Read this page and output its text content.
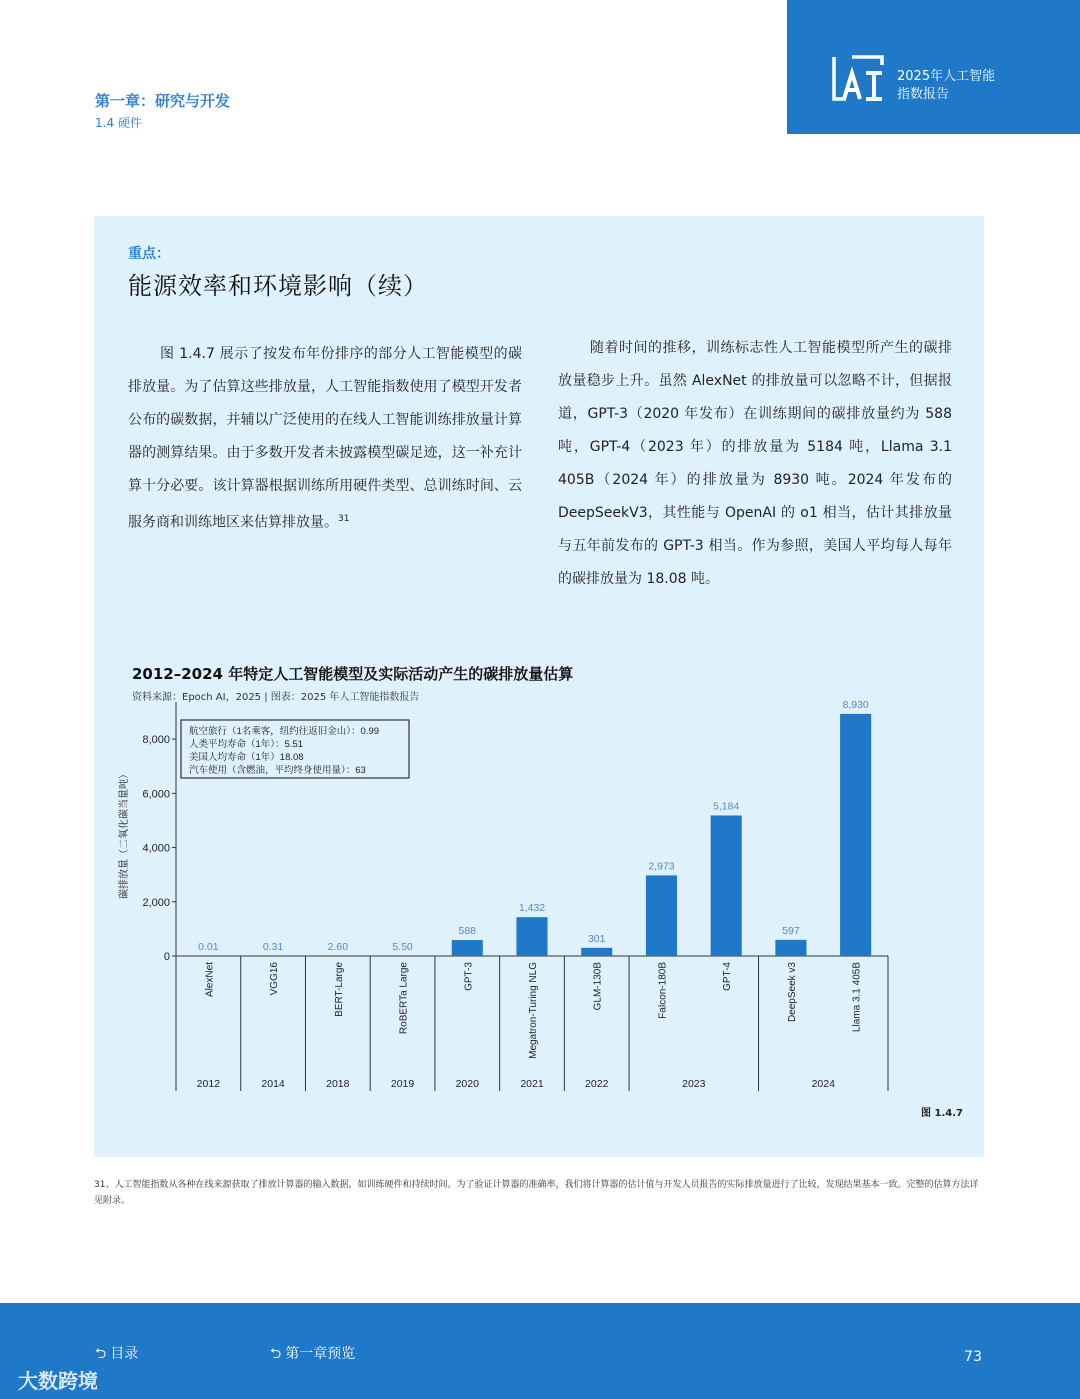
第一章：研究与开发
1.4 硬件
2025年人工智能
指数报告
重点：
能源效率和环境影响（续）
图 1.4.7 展示了按发布年份排序的部分人工智能模型的碳排放量。为了估算这些排放量，人工智能指数使用了模型开发者公布的碳数据，并辅以广泛使用的在线人工智能训练排放量计算器的测算结果。由于多数开发者未披露模型碳足迹，这一补充计算十分必要。该计算器根据训练所用硬件类型、总训练时间、云服务商和训练地区来估算排放量。$^{31}$
随着时间的推移，训练标志性人工智能模型所产生的碳排放量稳步上升。虽然 AlexNet 的排放量可以忽略不计，但据报道，GPT-3（2020 年发布）在训练期间的碳排放量约为 588 吨，GPT-4（2023 年）的排放量为 5184 吨，Llama 3.1 405B（2024 年）的排放量为 8930 吨。2024 年发布的 DeepSeekV3，其性能与 OpenAI 的 o1 相当，估计其排放量与五年前发布的 GPT-3 相当。作为参照，美国人平均每人每年的碳排放量为 18.08 吨。
2012–2024 年特定人工智能模型及实际活动产生的碳排放量估算
资料来源：Epoch AI，2025 | 图表：2025 年人工智能指数报告
图 1.4.7
0
2,000
4,000
6,000
8,000
碳排放量（二氧化碳当量吨）
0.01
AlexNet
0.31
VGG16
2.60
BERT-Large
5.50
RoBERTa Large
588
GPT-3
1,432
Megatron-Turing NLG
301
GLM-130B
2,973
Falcon-180B
5,184
GPT-4
597
DeepSeek v3
8,930
Llama 3.1 405B
2012	2014	2018	2019	2020	2021	2022	2023	2024
航空旅行（1名乘客，纽约往返旧金山）：0.99
人类平均寿命（1年）：5.51
美国人均寿命（1年）18.08
汽车使用（含燃油，平均终身使用量）：63
31、人工智能指数从各种在线来源获取了排放计算器的输入数据，如训练硬件和持续时间。为了验证计算器的准确率，我们将计算器的估计值与开发人员报告的实际排放量进行了比较，发现结果基本一致。完整的估算方法详见附录。
⮌ 目录	⮌ 第一章预览	73
大数跨境
